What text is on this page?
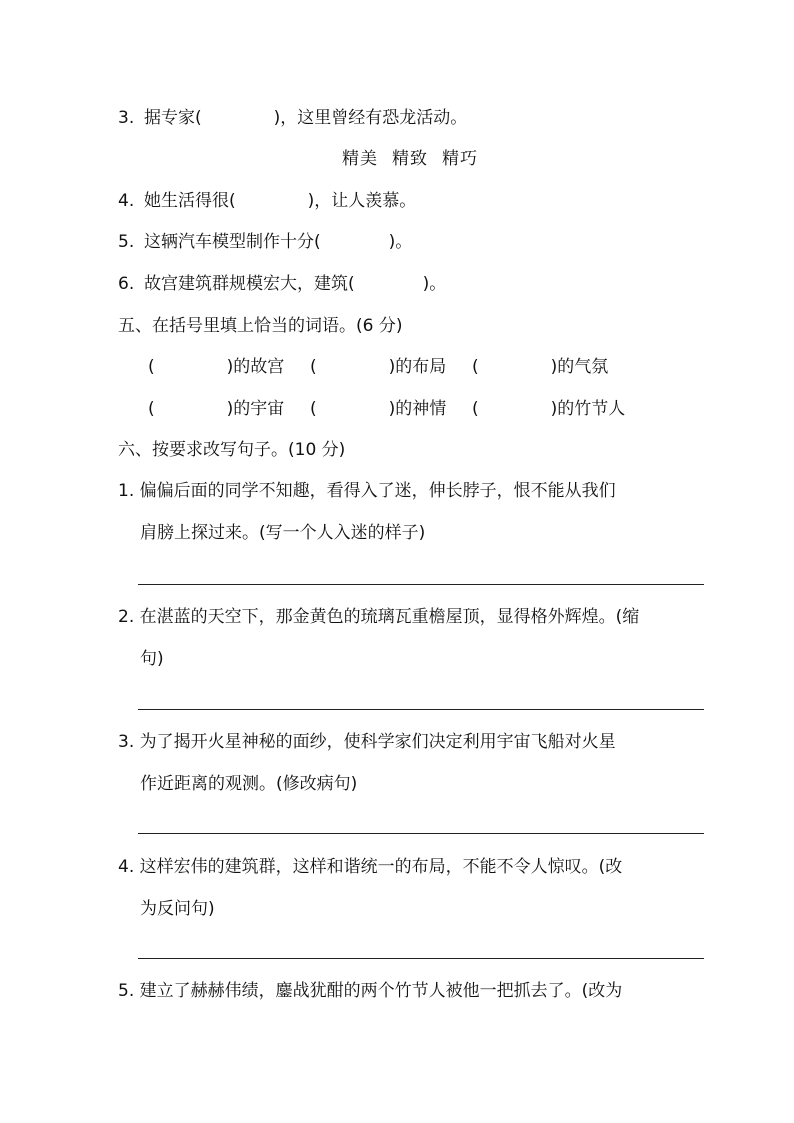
3. 据专家(	)，这里曾经有恐龙活动。
精美 精致 精巧
4. 她生活得很(	)，让人羡慕。
5. 这辆汽车模型制作十分(	)。
6. 故宫建筑群规模宏大，建筑(	)。
五、在括号里填上恰当的词语。(6 分)
(	)的故宫 (	)的布局 (	)的气氛
(	)的宇宙 (	)的神情 (	)的竹节人
六、按要求改写句子。(10 分)
1. 偏偏后面的同学不知趣，看得入了迷，伸长脖子，恨不能从我们
肩膀上探过来。(写一个人入迷的样子)
2. 在湛蓝的天空下，那金黄色的琉璃瓦重檐屋顶，显得格外辉煌。(缩
句)
3. 为了揭开火星神秘的面纱，使科学家们决定利用宇宙飞船对火星
作近距离的观测。(修改病句)
4. 这样宏伟的建筑群，这样和谐统一的布局，不能不令人惊叹。(改
为反问句)
5. 建立了赫赫伟绩，鏖战犹酣的两个竹节人被他一把抓去了。(改为
